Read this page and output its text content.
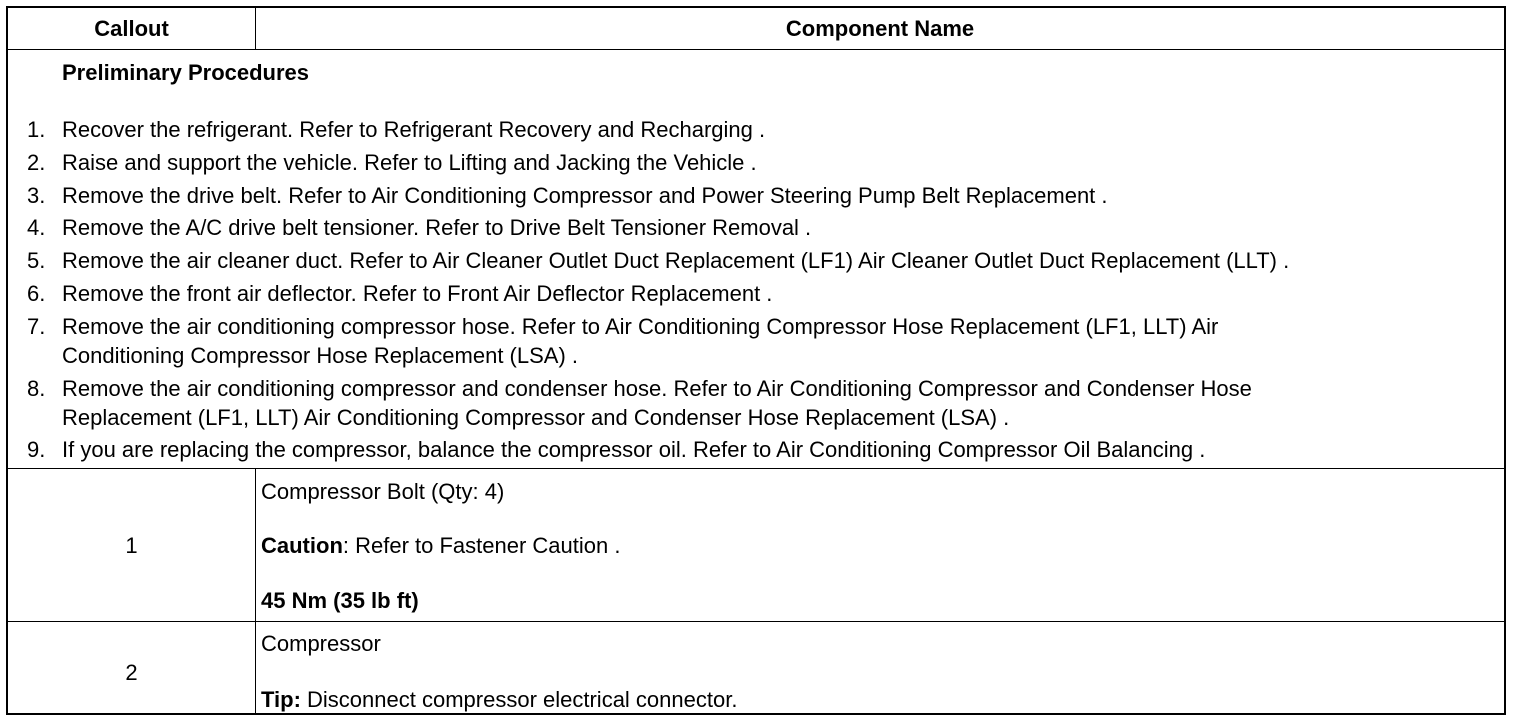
Callout	Component Name
Preliminary Procedures
1. Recover the refrigerant. Refer to Refrigerant Recovery and Recharging .
2. Raise and support the vehicle. Refer to Lifting and Jacking the Vehicle .
3. Remove the drive belt. Refer to Air Conditioning Compressor and Power Steering Pump Belt Replacement .
4. Remove the A/C drive belt tensioner. Refer to Drive Belt Tensioner Removal .
5. Remove the air cleaner duct. Refer to Air Cleaner Outlet Duct Replacement (LF1) Air Cleaner Outlet Duct Replacement (LLT) .
6. Remove the front air deflector. Refer to Front Air Deflector Replacement .
7. Remove the air conditioning compressor hose. Refer to Air Conditioning Compressor Hose Replacement (LF1, LLT) Air
Conditioning Compressor Hose Replacement (LSA) .
8. Remove the air conditioning compressor and condenser hose. Refer to Air Conditioning Compressor and Condenser Hose
Replacement (LF1, LLT) Air Conditioning Compressor and Condenser Hose Replacement (LSA) .
9. If you are replacing the compressor, balance the compressor oil. Refer to Air Conditioning Compressor Oil Balancing .
1
Compressor Bolt (Qty: 4)
Caution: Refer to Fastener Caution .
45 Nm (35 lb ft)
2
Compressor
Tip: Disconnect compressor electrical connector.
